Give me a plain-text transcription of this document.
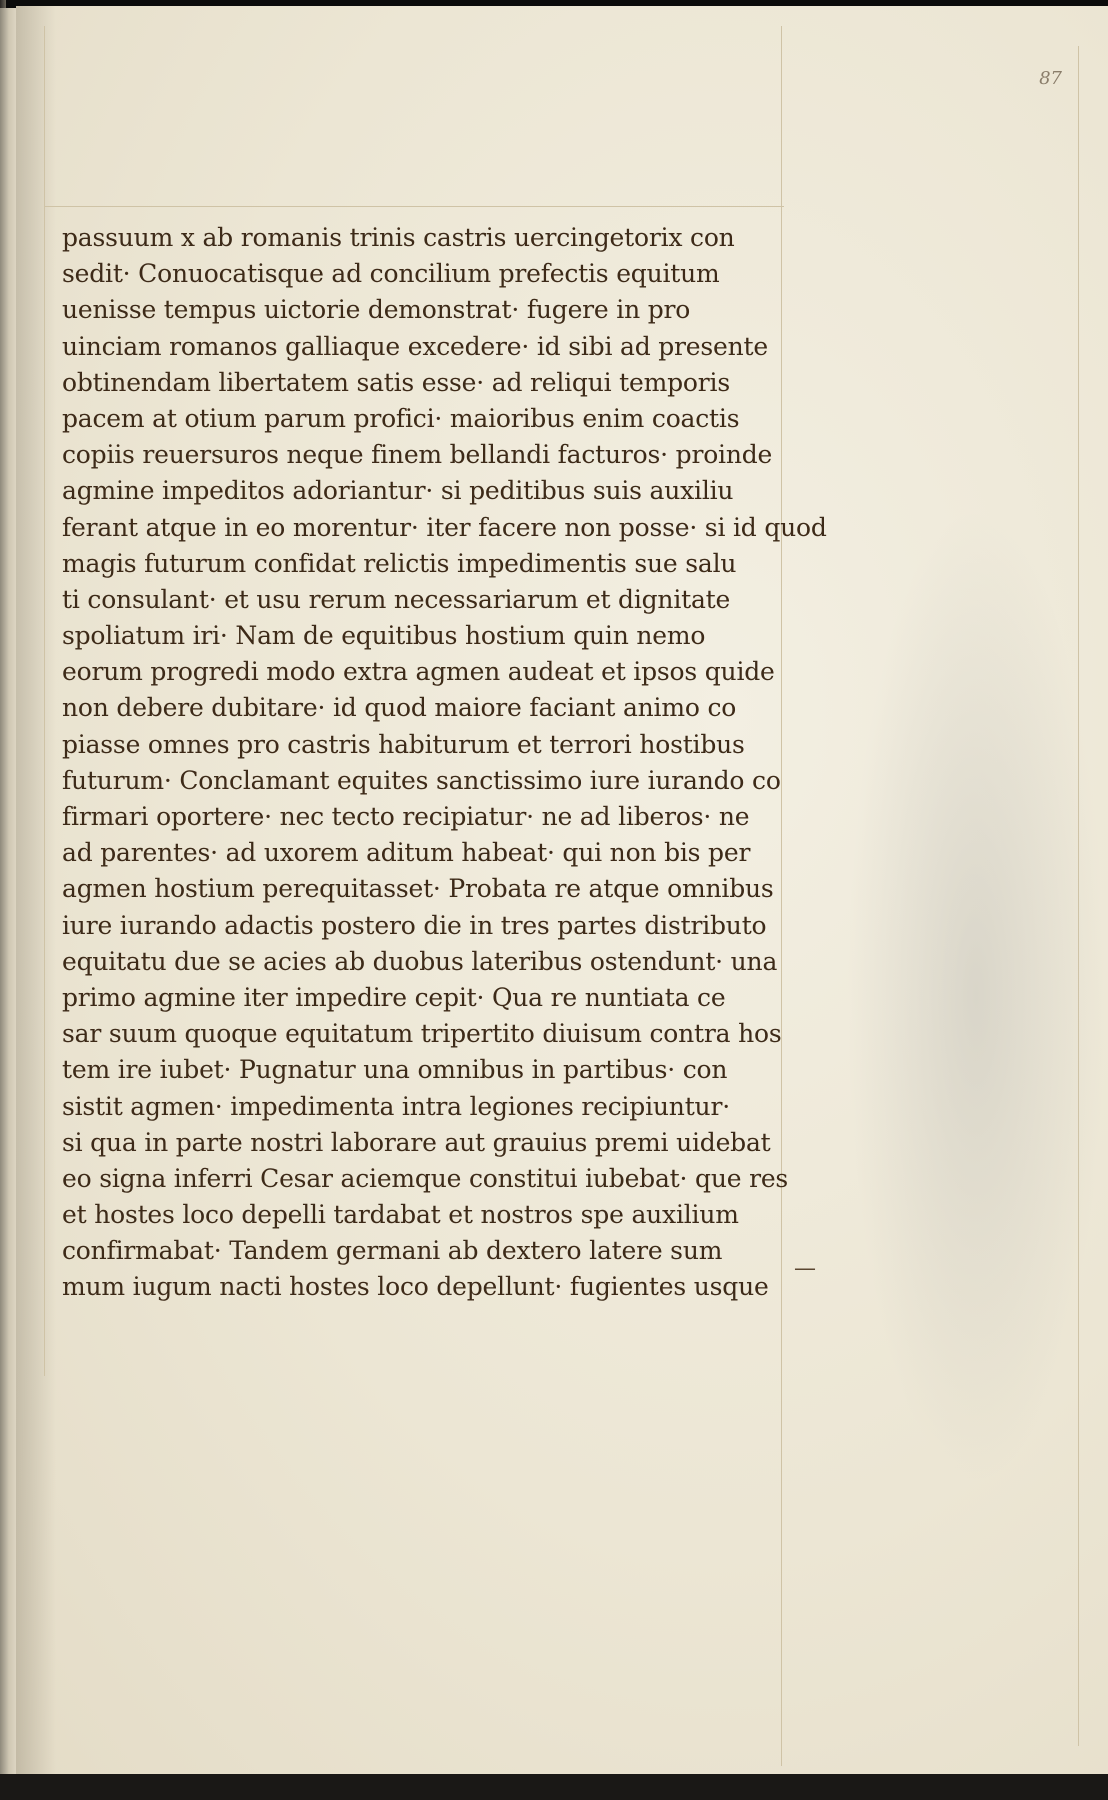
87
passuum x ab romanis trinis castris uercingetorix con
sedit· Conuocatisque ad concilium prefectis equitum
uenisse tempus uictorie demonstrat· fugere in pro
uinciam romanos galliaque excedere· id sibi ad presente
obtinendam libertatem satis esse· ad reliqui temporis
pacem at otium parum profici· maioribus enim coactis
copiis reuersuros neque finem bellandi facturos· proinde
agmine impeditos adoriantur· si peditibus suis auxiliu
ferant atque in eo morentur· iter facere non posse· si id quod
magis futurum confidat relictis impedimentis sue salu
ti consulant· et usu rerum necessariarum et dignitate
spoliatum iri· Nam de equitibus hostium quin nemo
eorum progredi modo extra agmen audeat et ipsos quide
non debere dubitare· id quod maiore faciant animo co
piasse omnes pro castris habiturum et terrori hostibus
futurum· Conclamant equites sanctissimo iure iurando co
firmari oportere· nec tecto recipiatur· ne ad liberos· ne
ad parentes· ad uxorem aditum habeat· qui non bis per
agmen hostium perequitasset· Probata re atque omnibus
iure iurando adactis postero die in tres partes distributo
equitatu due se acies ab duobus lateribus ostendunt· una
primo agmine iter impedire cepit· Qua re nuntiata ce
sar suum quoque equitatum tripertito diuisum contra hos
tem ire iubet· Pugnatur una omnibus in partibus· con
sistit agmen· impedimenta intra legiones recipiuntur·
si qua in parte nostri laborare aut grauius premi uidebat
eo signa inferri Cesar aciemque constitui iubebat· que res
et hostes loco depelli tardabat et nostros spe auxilium
confirmabat· Tandem germani ab dextero latere sum
mum iugum nacti hostes loco depellunt· fugientes usque
—
